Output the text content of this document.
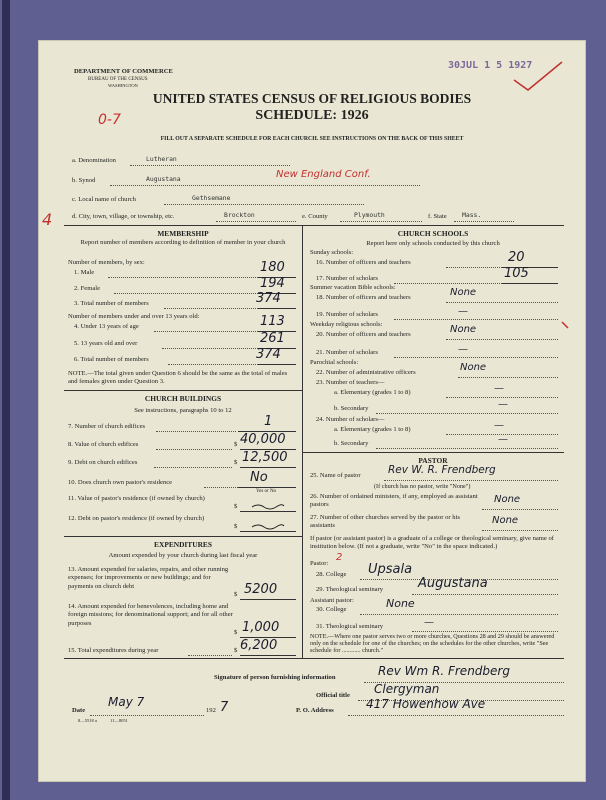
DEPARTMENT OF COMMERCE
BUREAU OF THE CENSUS
WASHINGTON
30JUL 1 5 1927
UNITED STATES CENSUS OF RELIGIOUS BODIES
SCHEDULE: 1926
0-7
FILL OUT A SEPARATE SCHEDULE FOR EACH CHURCH. SEE INSTRUCTIONS ON THE BACK OF THIS SHEET
a. Denomination	Lutheran
b. Synod	Augustana	New England Conf.
c. Local name of church	Gethsemane
4	d. City, town, village, or township, etc.	Brockton	e. County	Plymouth	f. State Mass.
MEMBERSHIP
Report number of members according to definition of member in your church
Number of members, by sex:
1. Male	180
2. Female	194
3. Total number of members	374
Number of members under and over 13 years old:
4. Under 13 years of age	113
5. 13 years old and over	261
6. Total number of members	374
NOTE.—The total given under Question 6 should be the same as the total of males and females given under Question 3.
CHURCH BUILDINGS
See instructions, paragraphs 10 to 12
7. Number of church edifices	1
8. Value of church edifices	$ 40,000
9. Debt on church edifices	$ 12,500
10. Does church own pastor's residence	No
Yes or No
11. Value of pastor's residence (if owned by church)
$
12. Debt on pastor's residence (if owned by church)
$
EXPENDITURES
Amount expended by your church during last fiscal year
13. Amount expended for salaries, repairs, and other running expenses; for improvements or new buildings; and for payments on church debt
$ 5200
14. Amount expended for benevolences, including home and foreign missions; for denominational support; and for all other purposes
$ 1,000
15. Total expenditures during year	$ 6,200
CHURCH SCHOOLS
Report here only schools conducted by this church
Sunday schools:
16. Number of officers and teachers	20
17. Number of scholars	105
Summer vacation Bible schools:
18. Number of officers and teachers	None
19. Number of scholars	—
Weekday religious schools:
20. Number of officers and teachers	None
21. Number of scholars	—
Parochial schools:
22. Number of administrative officers	None
23. Number of teachers—
a. Elementary (grades 1 to 8)	—
b. Secondary	—
24. Number of scholars—
a. Elementary (grades 1 to 8)	—
b. Secondary	—
PASTOR
25. Name of pastor	Rev W. R. Frendberg
(If church has no pastor, write "None")
26. Number of ordained ministers, if any, employed as assistant pastors	None
27. Number of other churches served by the pastor or his assistants	None
If pastor (or assistant pastor) is a graduate of a college or theological seminary, give name of institution below. (If not a graduate, write "No" in the space indicated.)
Pastor:
2
28. College Upsala
29. Theological seminary	Augustana
Assistant pastor:
30. College	None
31. Theological seminary	—
NOTE.—Where one pastor serves two or more churches, Questions 28 and 29 should be answered only on the schedule for one of the churches; on the schedules for the other churches, write "See schedule for ............ church."
Signature of person furnishing information	Rev Wm R. Frendberg
Official title Clergyman
Date
May 7
192 7
8—5518 a	11—8051
P. O. Address	417 Howenhow Ave
